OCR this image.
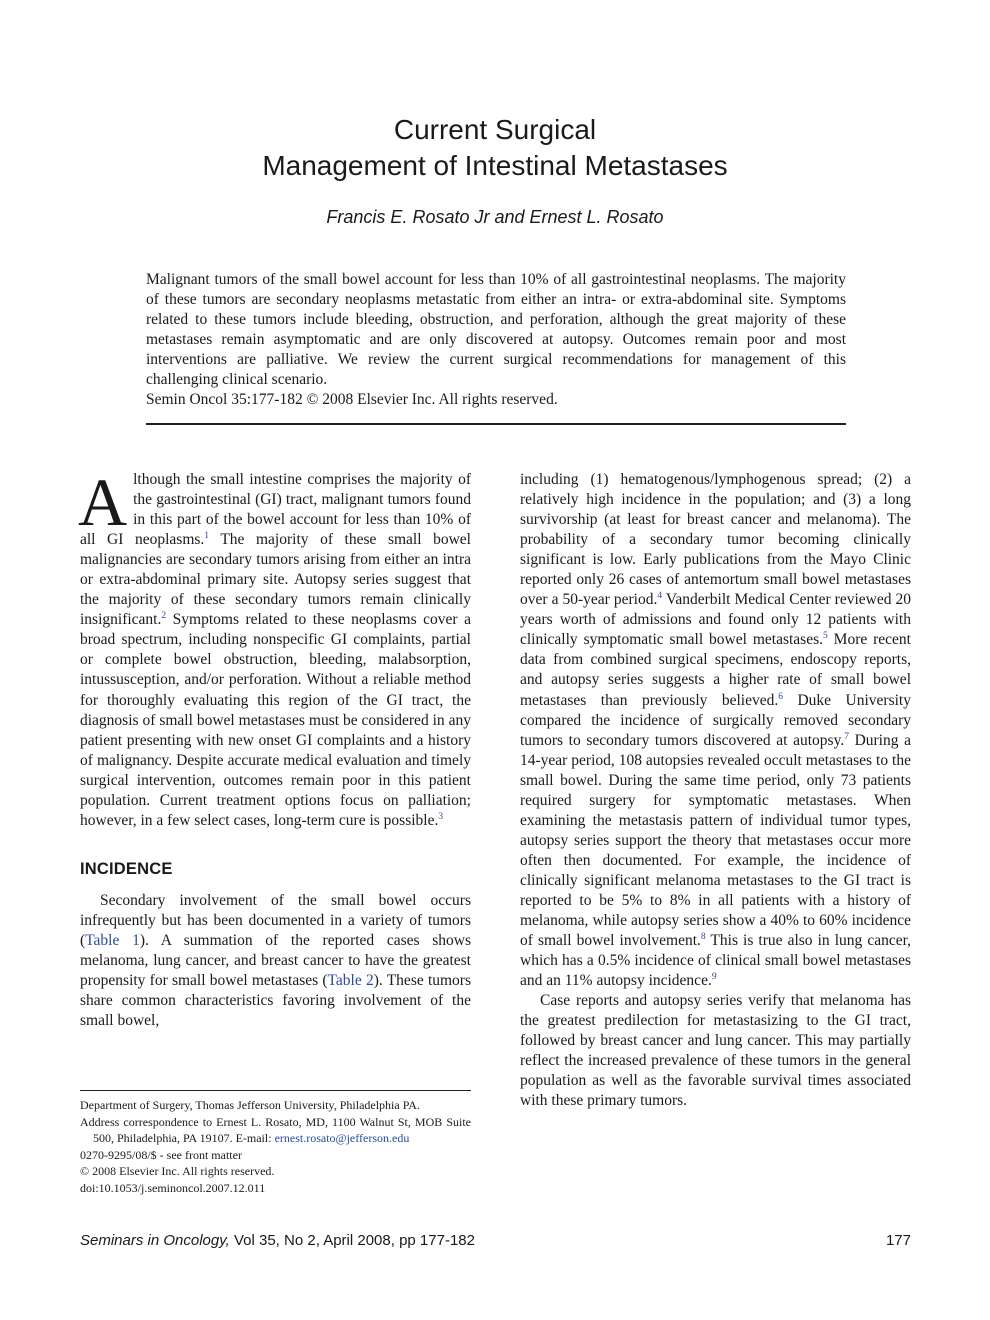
Current Surgical
Management of Intestinal Metastases
Francis E. Rosato Jr and Ernest L. Rosato

Malignant tumors of the small bowel account for less than 10% of all gastrointestinal neoplasms. The majority of these tumors are secondary neoplasms metastatic from either an intra- or extra-abdominal site. Symptoms related to these tumors include bleeding, obstruction, and perforation, although the great majority of these metastases remain asymptomatic and are only discovered at autopsy. Outcomes remain poor and most interventions are palliative. We review the current surgical recommendations for management of this challenging clinical scenario.

Semin Oncol 35:177-182 © 2008 Elsevier Inc. All rights reserved.

Although the small intestine comprises the majority of the gastrointestinal (GI) tract, malignant tumors found in this part of the bowel account for less than 10% of all GI neoplasms.$^1$ The majority of these small bowel malignancies are secondary tumors arising from either an intra or extra-abdominal primary site. Autopsy series suggest that the majority of these secondary tumors remain clinically insignificant.$^2$ Symptoms related to these neoplasms cover a broad spectrum, including nonspecific GI complaints, partial or complete bowel obstruction, bleeding, malabsorption, intussusception, and/or perforation. Without a reliable method for thoroughly evaluating this region of the GI tract, the diagnosis of small bowel metastases must be considered in any patient presenting with new onset GI complaints and a history of malignancy. Despite accurate medical evaluation and timely surgical intervention, outcomes remain poor in this patient population. Current treatment options focus on palliation; however, in a few select cases, long-term cure is possible.$^3$

INCIDENCE

Secondary involvement of the small bowel occurs infrequently but has been documented in a variety of tumors (Table 1). A summation of the reported cases shows melanoma, lung cancer, and breast cancer to have the greatest propensity for small bowel metastases (Table 2). These tumors share common characteristics favoring involvement of the small bowel,

including (1) hematogenous/lymphogenous spread; (2) a relatively high incidence in the population; and (3) a long survivorship (at least for breast cancer and melanoma). The probability of a secondary tumor becoming clinically significant is low. Early publications from the Mayo Clinic reported only 26 cases of antemortum small bowel metastases over a 50-year period.$^4$ Vanderbilt Medical Center reviewed 20 years worth of admissions and found only 12 patients with clinically symptomatic small bowel metastases.$^5$ More recent data from combined surgical specimens, endoscopy reports, and autopsy series suggests a higher rate of small bowel metastases than previously believed.$^6$ Duke University compared the incidence of surgically removed secondary tumors to secondary tumors discovered at autopsy.$^7$ During a 14-year period, 108 autopsies revealed occult metastases to the small bowel. During the same time period, only 73 patients required surgery for symptomatic metastases. When examining the metastasis pattern of individual tumor types, autopsy series support the theory that metastases occur more often then documented. For example, the incidence of clinically significant melanoma metastases to the GI tract is reported to be 5% to 8% in all patients with a history of melanoma, while autopsy series show a 40% to 60% incidence of small bowel involvement.$^8$ This is true also in lung cancer, which has a 0.5% incidence of clinical small bowel metastases and an 11% autopsy incidence.$^9$

Case reports and autopsy series verify that melanoma has the greatest predilection for metastasizing to the GI tract, followed by breast cancer and lung cancer. This may partially reflect the increased prevalence of these tumors in the general population as well as the favorable survival times associated with these primary tumors.

Department of Surgery, Thomas Jefferson University, Philadelphia PA.

Address correspondence to Ernest L. Rosato, MD, 1100 Walnut St, MOB Suite 500, Philadelphia, PA 19107. E-mail: ernest.rosato@jefferson.edu

0270-9295/08/$ - see front matter

© 2008 Elsevier Inc. All rights reserved.

doi:10.1053/j.seminoncol.2007.12.011

Seminars in Oncology, Vol 35, No 2, April 2008, pp 177-182	177
